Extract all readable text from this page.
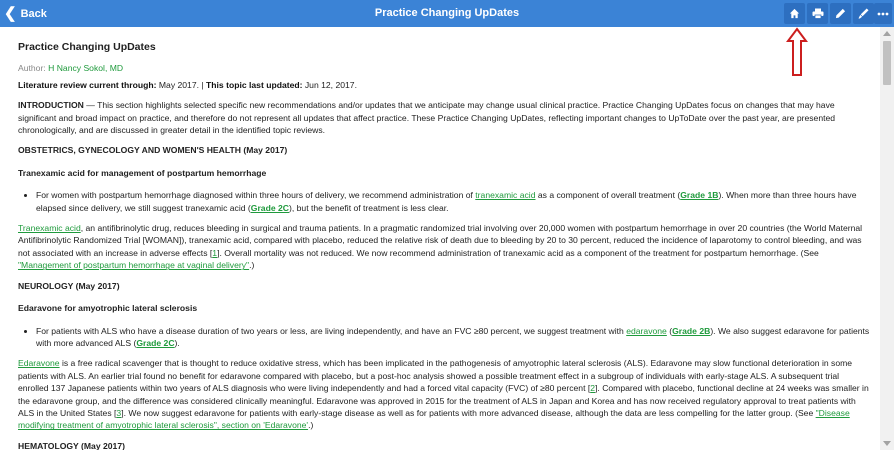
❮ Back	Practice Changing UpDates
Practice Changing UpDates

Author: H Nancy Sokol, MD

Literature review current through: May 2017. | This topic last updated: Jun 12, 2017.

INTRODUCTION — This section highlights selected specific new recommendations and/or updates that we anticipate may change usual clinical practice. Practice Changing UpDates focus on changes that may have significant and broad impact on practice, and therefore do not represent all updates that affect practice. These Practice Changing UpDates, reflecting important changes to UpToDate over the past year, are presented chronologically, and are discussed in greater detail in the identified topic reviews.

OBSTETRICS, GYNECOLOGY AND WOMEN'S HEALTH (May 2017)
Tranexamic acid for management of postpartum hemorrhage
• For women with postpartum hemorrhage diagnosed within three hours of delivery, we recommend administration of tranexamic acid as a component of overall treatment (Grade 1B). When more than three hours have elapsed since delivery, we still suggest tranexamic acid (Grade 2C), but the benefit of treatment is less clear.

Tranexamic acid, an antifibrinolytic drug, reduces bleeding in surgical and trauma patients. In a pragmatic randomized trial involving over 20,000 women with postpartum hemorrhage in over 20 countries (the World Maternal Antifibrinolytic Randomized Trial [WOMAN]), tranexamic acid, compared with placebo, reduced the relative risk of death due to bleeding by 20 to 30 percent, reduced the incidence of laparotomy to control bleeding, and was not associated with an increase in adverse effects [1]. Overall mortality was not reduced. We now recommend administration of tranexamic acid as a component of the treatment for postpartum hemorrhage. (See "Management of postpartum hemorrhage at vaginal delivery".)

NEUROLOGY (May 2017)
Edaravone for amyotrophic lateral sclerosis
• For patients with ALS who have a disease duration of two years or less, are living independently, and have an FVC ≥80 percent, we suggest treatment with edaravone (Grade 2B). We also suggest edaravone for patients with more advanced ALS (Grade 2C).

Edaravone is a free radical scavenger that is thought to reduce oxidative stress, which has been implicated in the pathogenesis of amyotrophic lateral sclerosis (ALS). Edaravone may slow functional deterioration in some patients with ALS. An earlier trial found no benefit for edaravone compared with placebo, but a post-hoc analysis showed a possible treatment effect in a subgroup of individuals with early-stage ALS. A subsequent trial enrolled 137 Japanese patients within two years of ALS diagnosis who were living independently and had a forced vital capacity (FVC) of ≥80 percent [2]. Compared with placebo, functional decline at 24 weeks was smaller in the edaravone group, and the difference was considered clinically meaningful. Edaravone was approved in 2015 for the treatment of ALS in Japan and Korea and has now received regulatory approval to treat patients with ALS in the United States [3]. We now suggest edaravone for patients with early-stage disease as well as for patients with more advanced disease, although the data are less compelling for the latter group. (See "Disease modifying treatment of amyotrophic lateral sclerosis", section on 'Edaravone'.)

HEMATOLOGY (May 2017)
